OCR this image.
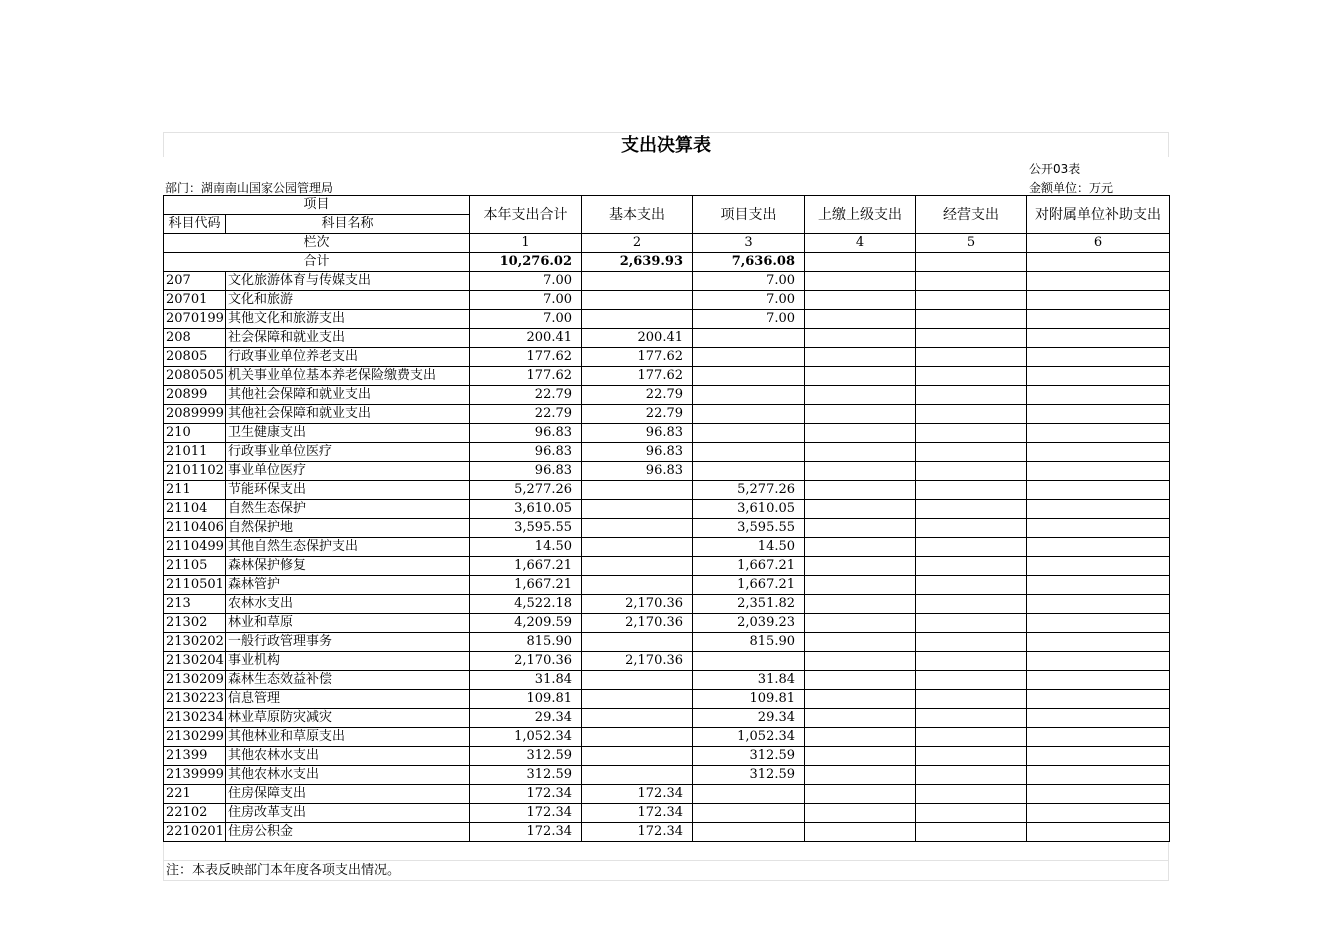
支出决算表
公开03表
部门：湖南南山国家公园管理局	金额单位：万元
项目		本年支出合计	基本支出	项目支出	上缴上级支出	经营支出	对附属单位补助支出
科目代码	科目名称						
栏次		1	2	3	4	5	6
合计		10,276.02	2,639.93	7,636.08			
207	文化旅游体育与传媒支出	7.00		7.00			
20701	文化和旅游	7.00		7.00			
2070199	其他文化和旅游支出	7.00		7.00			
208	社会保障和就业支出	200.41	200.41				
20805	行政事业单位养老支出	177.62	177.62				
2080505	机关事业单位基本养老保险缴费支出	177.62	177.62				
20899	其他社会保障和就业支出	22.79	22.79				
2089999	其他社会保障和就业支出	22.79	22.79				
210	卫生健康支出	96.83	96.83				
21011	行政事业单位医疗	96.83	96.83				
2101102	事业单位医疗	96.83	96.83				
211	节能环保支出	5,277.26		5,277.26			
21104	自然生态保护	3,610.05		3,610.05			
2110406	自然保护地	3,595.55		3,595.55			
2110499	其他自然生态保护支出	14.50		14.50			
21105	森林保护修复	1,667.21		1,667.21			
2110501	森林管护	1,667.21		1,667.21			
213	农林水支出	4,522.18	2,170.36	2,351.82			
21302	林业和草原	4,209.59	2,170.36	2,039.23			
2130202	一般行政管理事务	815.90		815.90			
2130204	事业机构	2,170.36	2,170.36				
2130209	森林生态效益补偿	31.84		31.84			
2130223	信息管理	109.81		109.81			
2130234	林业草原防灾减灾	29.34		29.34			
2130299	其他林业和草原支出	1,052.34		1,052.34			
21399	其他农林水支出	312.59		312.59			
2139999	其他农林水支出	312.59		312.59			
221	住房保障支出	172.34	172.34				
22102	住房改革支出	172.34	172.34				
2210201	住房公积金	172.34	172.34				
注：本表反映部门本年度各项支出情况。
